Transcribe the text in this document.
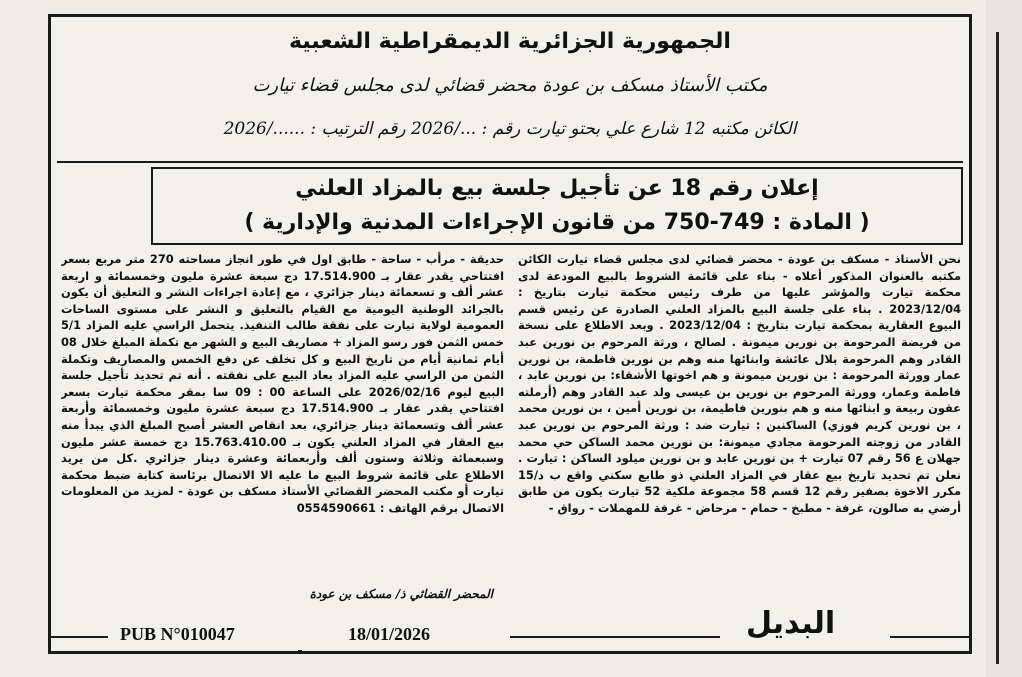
الجمهورية الجزائرية الديمقراطية الشعبية
مكتب الأستاذ مسكف بن عودة محضر قضائي لدى مجلس قضاء تيارت
الكائن مكتبه 12 شارع علي بحتو تيارت رقم : .../2026 رقم الترتيب : ....../2026
إعلان رقم 18 عن تأجيل جلسة بيع بالمزاد العلني
( المادة : 749-750 من قانون الإجراءات المدنية والإدارية )

نحن الأستاذ - مسكف بن عودة - محضر قضائي لدى مجلس قضاء تيارت الكائن مكتبه بالعنوان المذكور أعلاه - بناء على قائمة الشروط بالبيع المودعة لدى محكمة تيارت والمؤشر عليها من طرف رئيس محكمة تيارت بتاريخ : 2023/12/04 . بناء على جلسة البيع بالمزاد العلني الصادرة عن رئيس قسم البيوع العقارية بمحكمة تيارت بتاريخ : 2023/12/04 . وبعد الاطلاع على نسخة من فريضة المرحومة بن نورين ميمونة . لصالح ، ورثة المرحوم بن نورين عبد القادر وهم المرحومة بلال عائشة وابنائها منه وهم بن نورين فاطمة، بن نورين عمار وورثة المرحومة : بن نورين ميمونة و هم اخوتها الأشقاء: بن نورين عابد ، فاطمة وعمار، وورثة المرحوم بن نورين بن عيسى ولد عبد القادر وهم (أرملته عقون ربيعة و ابنائها منه و هم بنورين فاطيمة، بن نورين أمين ، بن نورين محمد ، بن نورين كريم فوزي) الساكنين : تيارت ضد : ورثة المرحوم بن نورين عبد القادر من زوجته المرحومة مجادي ميمونة: بن نورين محمد الساكن حي محمد جهلان ع 56 رقم 07 تيارت + بن نورين عابد و بن نورين ميلود الساكن : تيارت . نعلن تم تحديد تاريخ بيع عقار في المزاد العلني ذو طابع سكني واقع ب د/15 مكرر الاخوة بصفير رقم 12 قسم 58 مجموعة ملكية 52 تيارت يكون من طابق أرضي به صالون، غرفة - مطبخ - حمام - مرحاض - غرفة للمهملات - رواق -

حديقة - مرأب - ساحة - طابق اول في طور انجاز مساحته 270 متر مربع بسعر افتتاحي يقدر عقار بـ 17.514.900 دج سبعة عشرة مليون وخمسمائة و اربعة عشر ألف و تسعمائة دينار جزائري ، مع إعادة اجراءات النشر و التعليق أن يكون بالجرائد الوطنية اليومية مع القيام بالتعليق و النشر على مستوى الساحات العمومية لولاية تيارت على نفقة طالب التنفيذ. يتحمل الراسي عليه المزاد 5/1 خمس الثمن فور رسو المزاد + مصاريف البيع و الشهر مع تكملة المبلغ خلال 08 أيام ثمانية أيام من تاريخ البيع و كل تخلف عن دفع الخمس والمصاريف وتكملة الثمن من الراسي عليه المزاد يعاد البيع على نفقته . أنه تم تحديد تأجيل جلسة البيع ليوم 2026/02/16 على الساعة 00 : 09 سا بمقر محكمة تيارت بسعر افتتاحي يقدر عقار بـ 17.514.900 دج سبعة عشرة مليون وخمسمائة وأربعة عشر ألف وتسعمائة دينار جزائري، بعد انقاص العشر أصبح المبلغ الذي يبدأ منه بيع العقار في المزاد العلني يكون بـ 15.763.410.00 دج خمسة عشر مليون وسبعمائة وثلاثة وستون ألف وأربعمائة وعشرة دينار جزائري .كل من يريد الاطلاع على قائمة شروط البيع ما عليه الا الاتصال برئاسة كتابة ضبط محكمة تيارت أو مكتب المحضر القضائي الأستاذ مسكف بن عودة - لمزيد من المعلومات الاتصال برقم الهاتف : 0554590661

المحضر القضائي ذ/ مسكف بن عودة
PUB N°010047	18/01/2026	البديل
